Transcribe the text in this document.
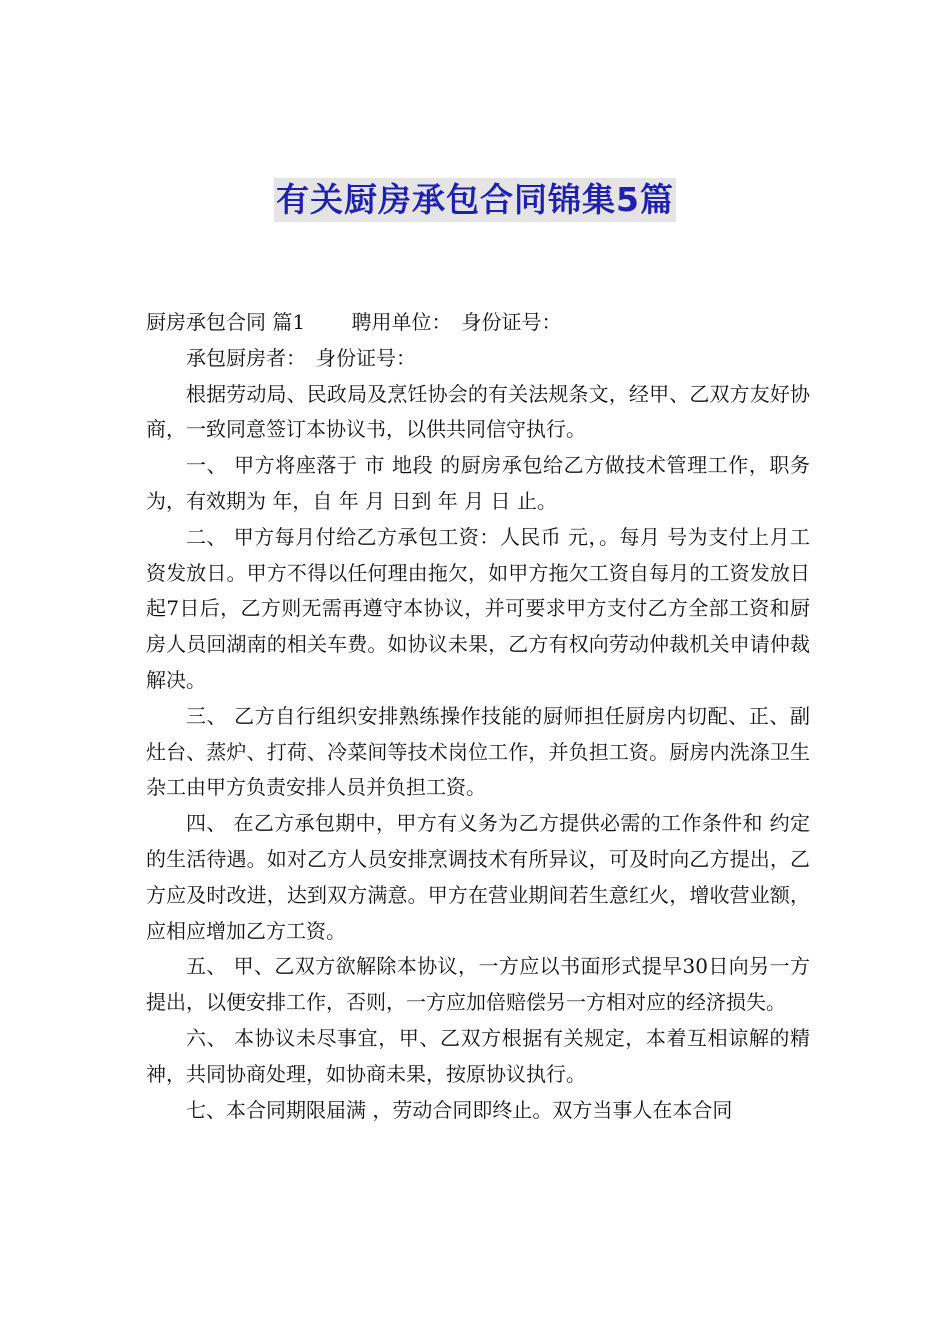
有关厨房承包合同锦集5篇

厨房承包合同 篇1　　 聘用单位：　身份证号：

承包厨房者：　身份证号：

根据劳动局、民政局及烹饪协会的有关法规条文，经甲、乙双方友好协商，一致同意签订本协议书，以供共同信守执行。

一、 甲方将座落于 市 地段 的厨房承包给乙方做技术管理工作，职务为，有效期为 年，自 年 月 日到 年 月 日 止。

二、 甲方每月付给乙方承包工资：人民币 元，。每月 号为支付上月工资发放日。甲方不得以任何理由拖欠，如甲方拖欠工资自每月的工资发放日起7日后，乙方则无需再遵守本协议，并可要求甲方支付乙方全部工资和厨房人员回湖南的相关车费。如协议未果，乙方有权向劳动仲裁机关申请仲裁解决。

三、 乙方自行组织安排熟练操作技能的厨师担任厨房内切配、正、副灶台、蒸炉、打荷、冷菜间等技术岗位工作，并负担工资。厨房内洗涤卫生杂工由甲方负责安排人员并负担工资。

四、 在乙方承包期中，甲方有义务为乙方提供必需的工作条件和 约定的生活待遇。如对乙方人员安排烹调技术有所异议，可及时向乙方提出，乙方应及时改进，达到双方满意。甲方在营业期间若生意红火，增收营业额，应相应增加乙方工资。

五、 甲、乙双方欲解除本协议，一方应以书面形式提早30日向另一方提出，以便安排工作，否则，一方应加倍赔偿另一方相对应的经济损失。

六、 本协议未尽事宜，甲、乙双方根据有关规定，本着互相谅解的精神，共同协商处理，如协商未果，按原协议执行。

七、本合同期限届满 ，劳动合同即终止。双方当事人在本合同
